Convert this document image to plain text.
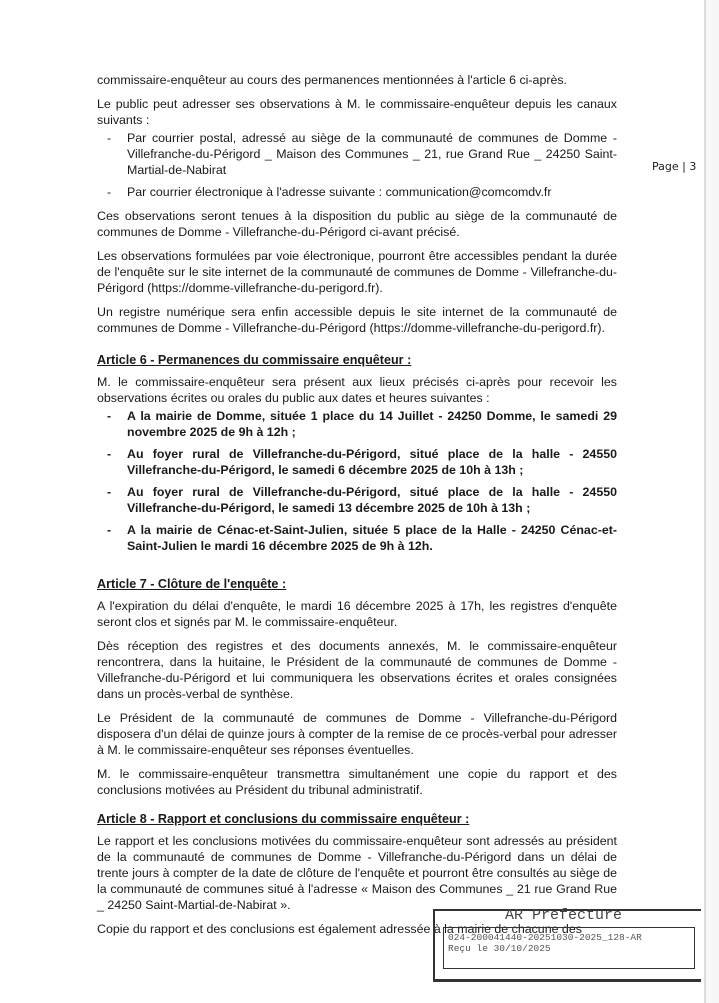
Page | 3

commissaire-enquêteur au cours des permanences mentionnées à l'article 6 ci-après.

Le public peut adresser ses observations à M. le commissaire-enquêteur depuis les canaux suivants :

- Par courrier postal, adressé au siège de la communauté de communes de Domme - Villefranche-du-Périgord _ Maison des Communes _ 21, rue Grand Rue _ 24250 Saint-Martial-de-Nabirat
- Par courrier électronique à l'adresse suivante : communication@comcomdv.fr

Ces observations seront tenues à la disposition du public au siège de la communauté de communes de Domme - Villefranche-du-Périgord ci-avant précisé.

Les observations formulées par voie électronique, pourront être accessibles pendant la durée de l'enquête sur le site internet de la communauté de communes de Domme - Villefranche-du-Périgord (https://domme-villefranche-du-perigord.fr).

Un registre numérique sera enfin accessible depuis le site internet de la communauté de communes de Domme - Villefranche-du-Périgord (https://domme-villefranche-du-perigord.fr).

Article 6 - Permanences du commissaire enquêteur :

M. le commissaire-enquêteur sera présent aux lieux précisés ci-après pour recevoir les observations écrites ou orales du public aux dates et heures suivantes :

- A la mairie de Domme, située 1 place du 14 Juillet - 24250 Domme, le samedi 29 novembre 2025 de 9h à 12h ;
- Au foyer rural de Villefranche-du-Périgord, situé place de la halle - 24550 Villefranche-du-Périgord, le samedi 6 décembre 2025 de 10h à 13h ;
- Au foyer rural de Villefranche-du-Périgord, situé place de la halle - 24550 Villefranche-du-Périgord, le samedi 13 décembre 2025 de 10h à 13h ;
- A la mairie de Cénac-et-Saint-Julien, située 5 place de la Halle - 24250 Cénac-et-Saint-Julien le mardi 16 décembre 2025 de 9h à 12h.
Article 7 - Clôture de l'enquête :

A l'expiration du délai d'enquête, le mardi 16 décembre 2025 à 17h, les registres d'enquête seront clos et signés par M. le commissaire-enquêteur.

Dès réception des registres et des documents annexés, M. le commissaire-enquêteur rencontrera, dans la huitaine, le Président de la communauté de communes de Domme - Villefranche-du-Périgord et lui communiquera les observations écrites et orales consignées dans un procès-verbal de synthèse.

Le Président de la communauté de communes de Domme - Villefranche-du-Périgord disposera d'un délai de quinze jours à compter de la remise de ce procès-verbal pour adresser à M. le commissaire-enquêteur ses réponses éventuelles.

M. le commissaire-enquêteur transmettra simultanément une copie du rapport et des conclusions motivées au Président du tribunal administratif.

Article 8 - Rapport et conclusions du commissaire enquêteur :

Le rapport et les conclusions motivées du commissaire-enquêteur sont adressés au président de la communauté de communes de Domme - Villefranche-du-Périgord dans un délai de trente jours à compter de la date de clôture de l'enquête et pourront être consultés au siège de la communauté de communes situé à l'adresse « Maison des Communes _ 21 rue Grand Rue _ 24250 Saint-Martial-de-Nabirat ».

Copie du rapport et des conclusions est également adressée à la mairie de chacune des

AR Prefecture
024-200041440-20251030-2025_128-AR
Reçu le 30/10/2025
